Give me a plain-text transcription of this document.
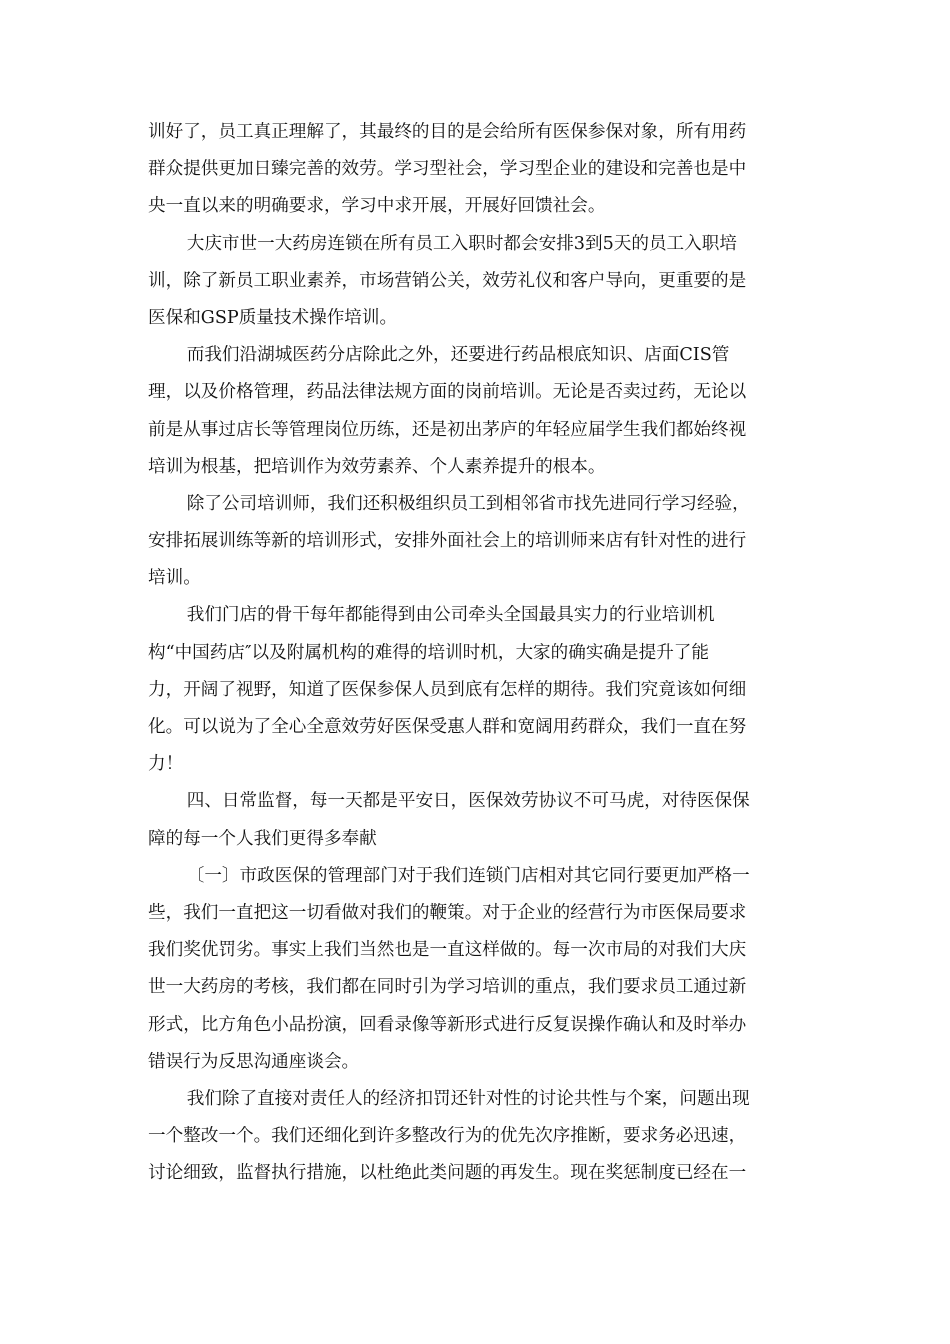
训好了，员工真正理解了，其最终的目的是会给所有医保参保对象，所有用药
群众提供更加日臻完善的效劳。学习型社会，学习型企业的建设和完善也是中
央一直以来的明确要求，学习中求开展，开展好回馈社会。
大庆市世一大药房连锁在所有员工入职时都会安排3到5天的员工入职培
训，除了新员工职业素养，市场营销公关，效劳礼仪和客户导向，更重要的是
医保和GSP质量技术操作培训。
而我们沿湖城医药分店除此之外，还要进行药品根底知识、店面CIS管
理，以及价格管理，药品法律法规方面的岗前培训。无论是否卖过药，无论以
前是从事过店长等管理岗位历练，还是初出茅庐的年轻应届学生我们都始终视
培训为根基，把培训作为效劳素养、个人素养提升的根本。
除了公司培训师，我们还积极组织员工到相邻省市找先进同行学习经验，
安排拓展训练等新的培训形式，安排外面社会上的培训师来店有针对性的进行
培训。
我们门店的骨干每年都能得到由公司牵头全国最具实力的行业培训机
构“中国药店″以及附属机构的难得的培训时机，大家的确实确是提升了能
力，开阔了视野，知道了医保参保人员到底有怎样的期待。我们究竟该如何细
化。可以说为了全心全意效劳好医保受惠人群和宽阔用药群众，我们一直在努
力！
四、日常监督，每一天都是平安日，医保效劳协议不可马虎，对待医保保
障的每一个人我们更得多奉献
〔一〕市政医保的管理部门对于我们连锁门店相对其它同行要更加严格一
些，我们一直把这一切看做对我们的鞭策。对于企业的经营行为市医保局要求
我们奖优罚劣。事实上我们当然也是一直这样做的。每一次市局的对我们大庆
世一大药房的考核，我们都在同时引为学习培训的重点，我们要求员工通过新
形式，比方角色小品扮演，回看录像等新形式进行反复误操作确认和及时举办
错误行为反思沟通座谈会。
我们除了直接对责任人的经济扣罚还针对性的讨论共性与个案，问题出现
一个整改一个。我们还细化到许多整改行为的优先次序推断，要求务必迅速，
讨论细致，监督执行措施，以杜绝此类问题的再发生。现在奖惩制度已经在一
